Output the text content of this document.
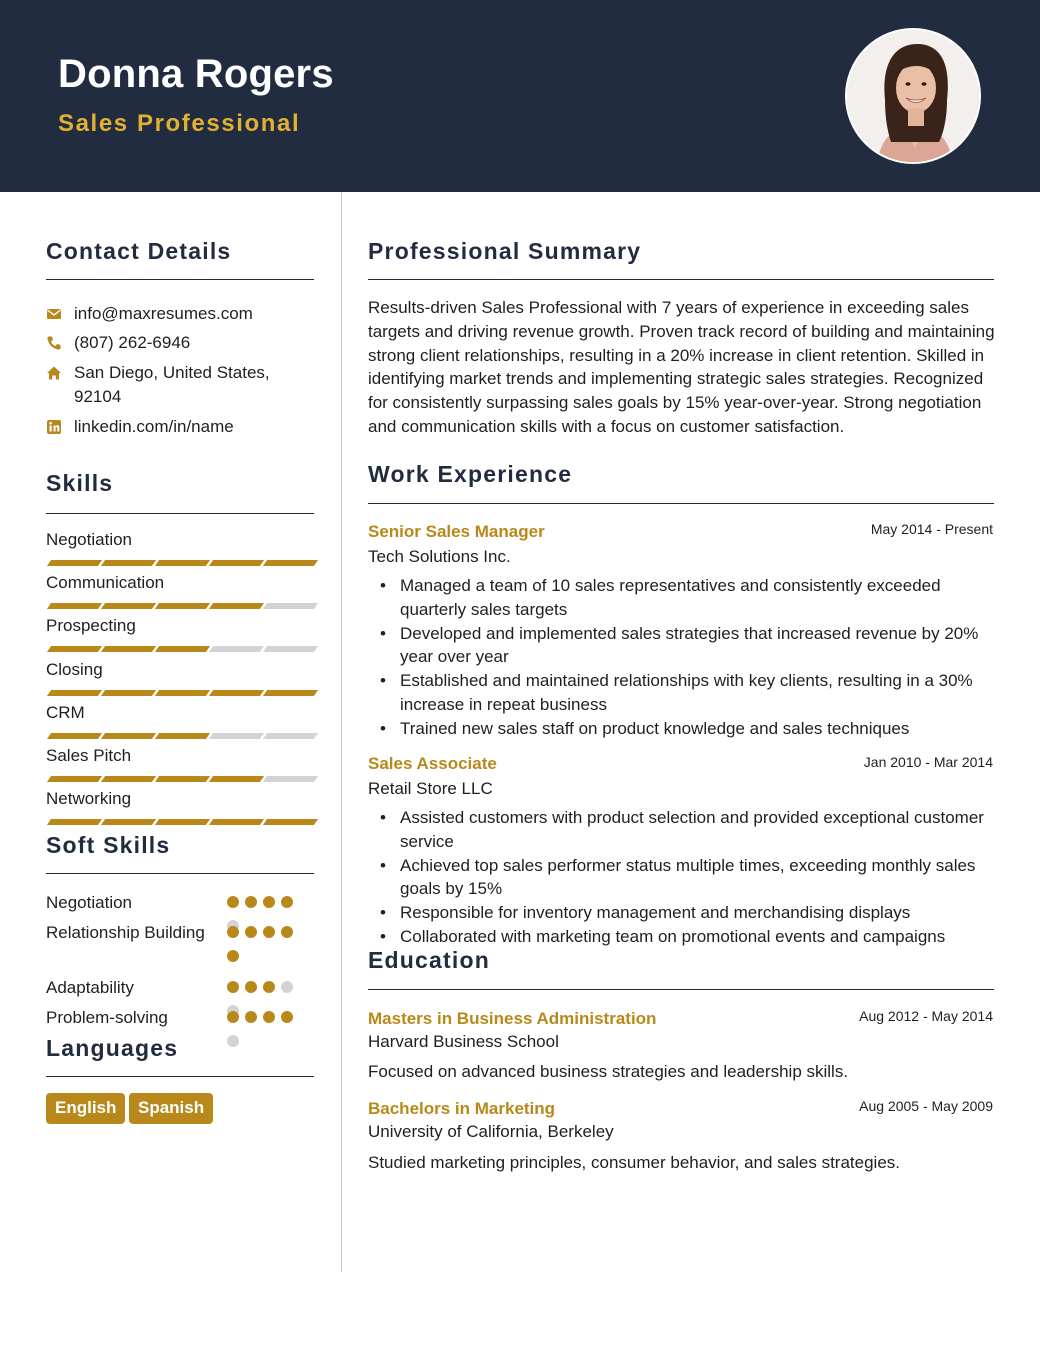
Donna Rogers
Sales Professional
Contact Details
info@maxresumes.com
(807) 262-6946
San Diego, United States,
92104
linkedin.com/in/name
Skills
Negotiation
Communication
Prospecting
Closing
CRM
Sales Pitch
Networking
Soft Skills
Negotiation
Relationship Building
Adaptability
Problem-solving
Languages
English	Spanish
Professional Summary
Results-driven Sales Professional with 7 years of experience in exceeding sales targets and driving revenue growth. Proven track record of building and maintaining strong client relationships, resulting in a 20% increase in client retention. Skilled in identifying market trends and implementing strategic sales strategies. Recognized for consistently surpassing sales goals by 15% year-over-year. Strong negotiation and communication skills with a focus on customer satisfaction.
Work Experience
Senior Sales Manager	May 2014 - Present
Tech Solutions Inc.
• Managed a team of 10 sales representatives and consistently exceeded quarterly sales targets
• Developed and implemented sales strategies that increased revenue by 20% year over year
• Established and maintained relationships with key clients, resulting in a 30% increase in repeat business
• Trained new sales staff on product knowledge and sales techniques
Sales Associate	Jan 2010 - Mar 2014
Retail Store LLC
• Assisted customers with product selection and provided exceptional customer service
• Achieved top sales performer status multiple times, exceeding monthly sales goals by 15%
• Responsible for inventory management and merchandising displays
• Collaborated with marketing team on promotional events and campaigns
Education
Masters in Business Administration	Aug 2012 - May 2014
Harvard Business School
Focused on advanced business strategies and leadership skills.
Bachelors in Marketing	Aug 2005 - May 2009
University of California, Berkeley
Studied marketing principles, consumer behavior, and sales strategies.
